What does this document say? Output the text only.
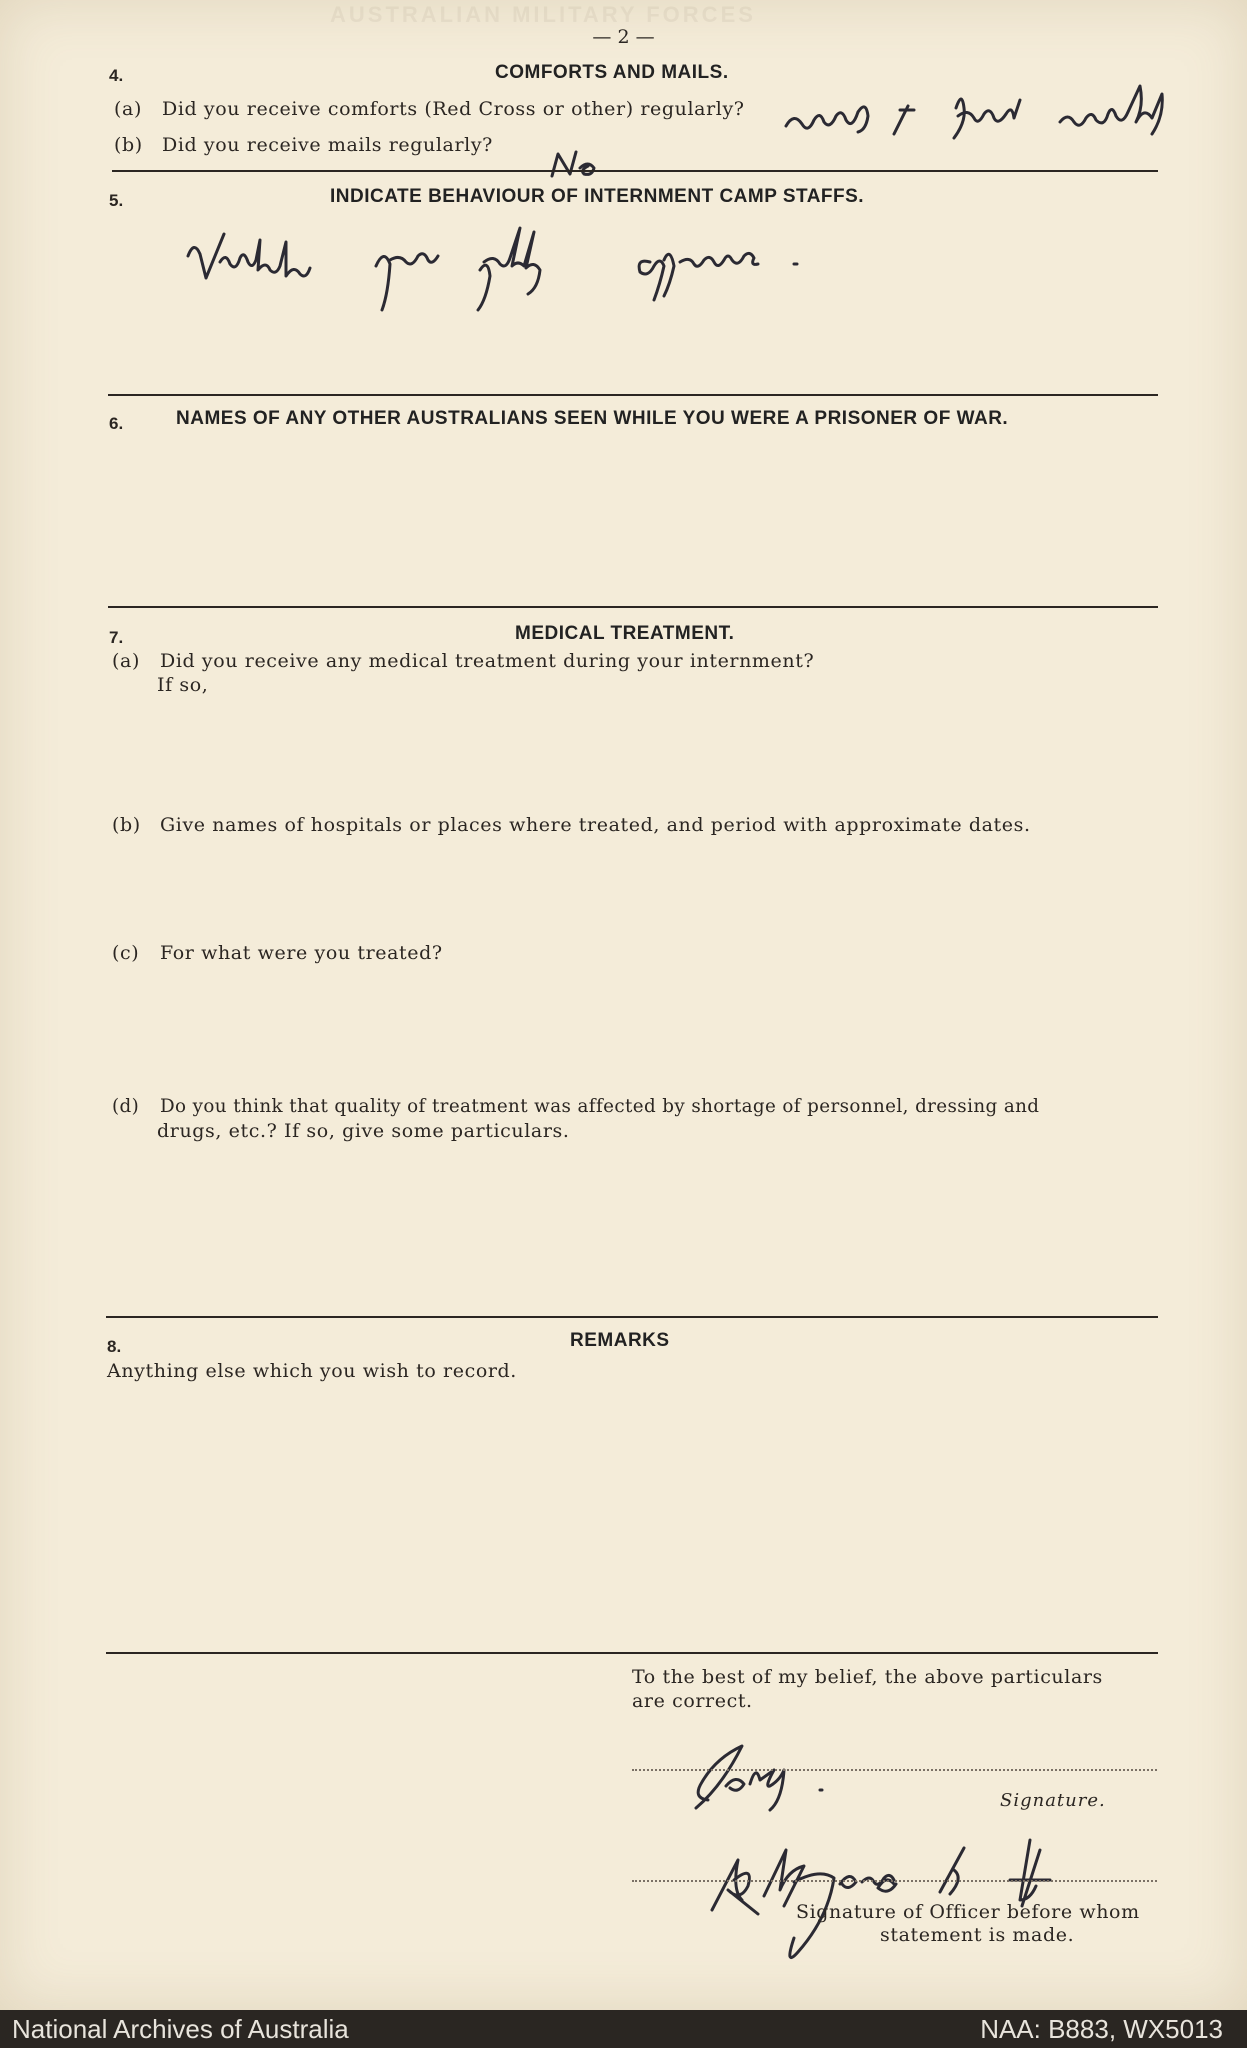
AUSTRALIAN MILITARY FORCES
— 2 —
4.	COMFORTS AND MAILS.
(a) Did you receive comforts (Red Cross or other) regularly?
(b) Did you receive mails regularly?
5.	INDICATE BEHAVIOUR OF INTERNMENT CAMP STAFFS.
6.	NAMES OF ANY OTHER AUSTRALIANS SEEN WHILE YOU WERE A PRISONER OF WAR.
7.	MEDICAL TREATMENT.
(a) Did you receive any medical treatment during your internment?
If so,
(b) Give names of hospitals or places where treated, and period with approximate dates.
(c) For what were you treated?
(d) Do you think that quality of treatment was affected by shortage of personnel, dressing and
drugs, etc.? If so, give some particulars.
8.	REMARKS
Anything else which you wish to record.
To the best of my belief, the above particulars
are correct.
Signature.
Signature of Officer before whom
statement is made.
National Archives of Australia	NAA: B883, WX5013
